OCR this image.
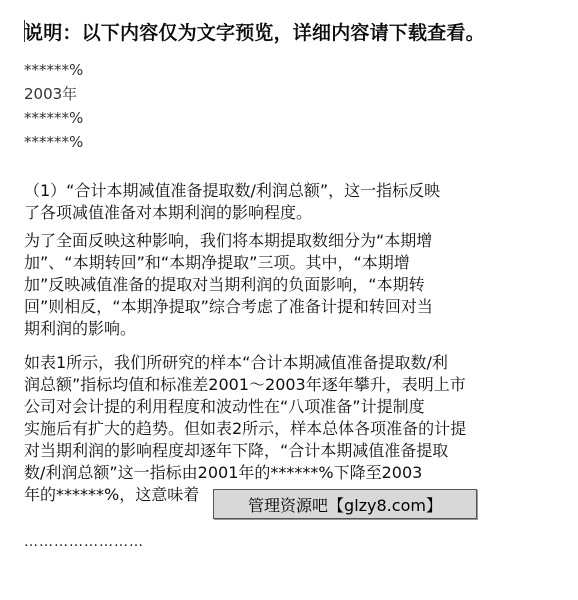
说明：以下内容仅为文字预览，详细内容请下载查看。
******%
2003年
******%
******%
（1）“合计本期减值准备提取数/利润总额”，这一指标反映
了各项减值准备对本期利润的影响程度。
为了全面反映这种影响，我们将本期提取数细分为“本期增
加”、“本期转回”和“本期净提取”三项。其中，“本期增
加”反映减值准备的提取对当期利润的负面影响，“本期转
回”则相反，“本期净提取”综合考虑了准备计提和转回对当
期利润的影响。
如表1所示，我们所研究的样本“合计本期减值准备提取数/利
润总额”指标均值和标准差2001～2003年逐年攀升，表明上市
公司对会计提的利用程度和波动性在“八项准备”计提制度
实施后有扩大的趋势。但如表2所示，样本总体各项准备的计提
对当期利润的影响程度却逐年下降，“合计本期减值准备提取
数/利润总额”这一指标由2001年的******%下降至2003
年的******%，这意味着
……………………
管理资源吧【glzy8.com】
